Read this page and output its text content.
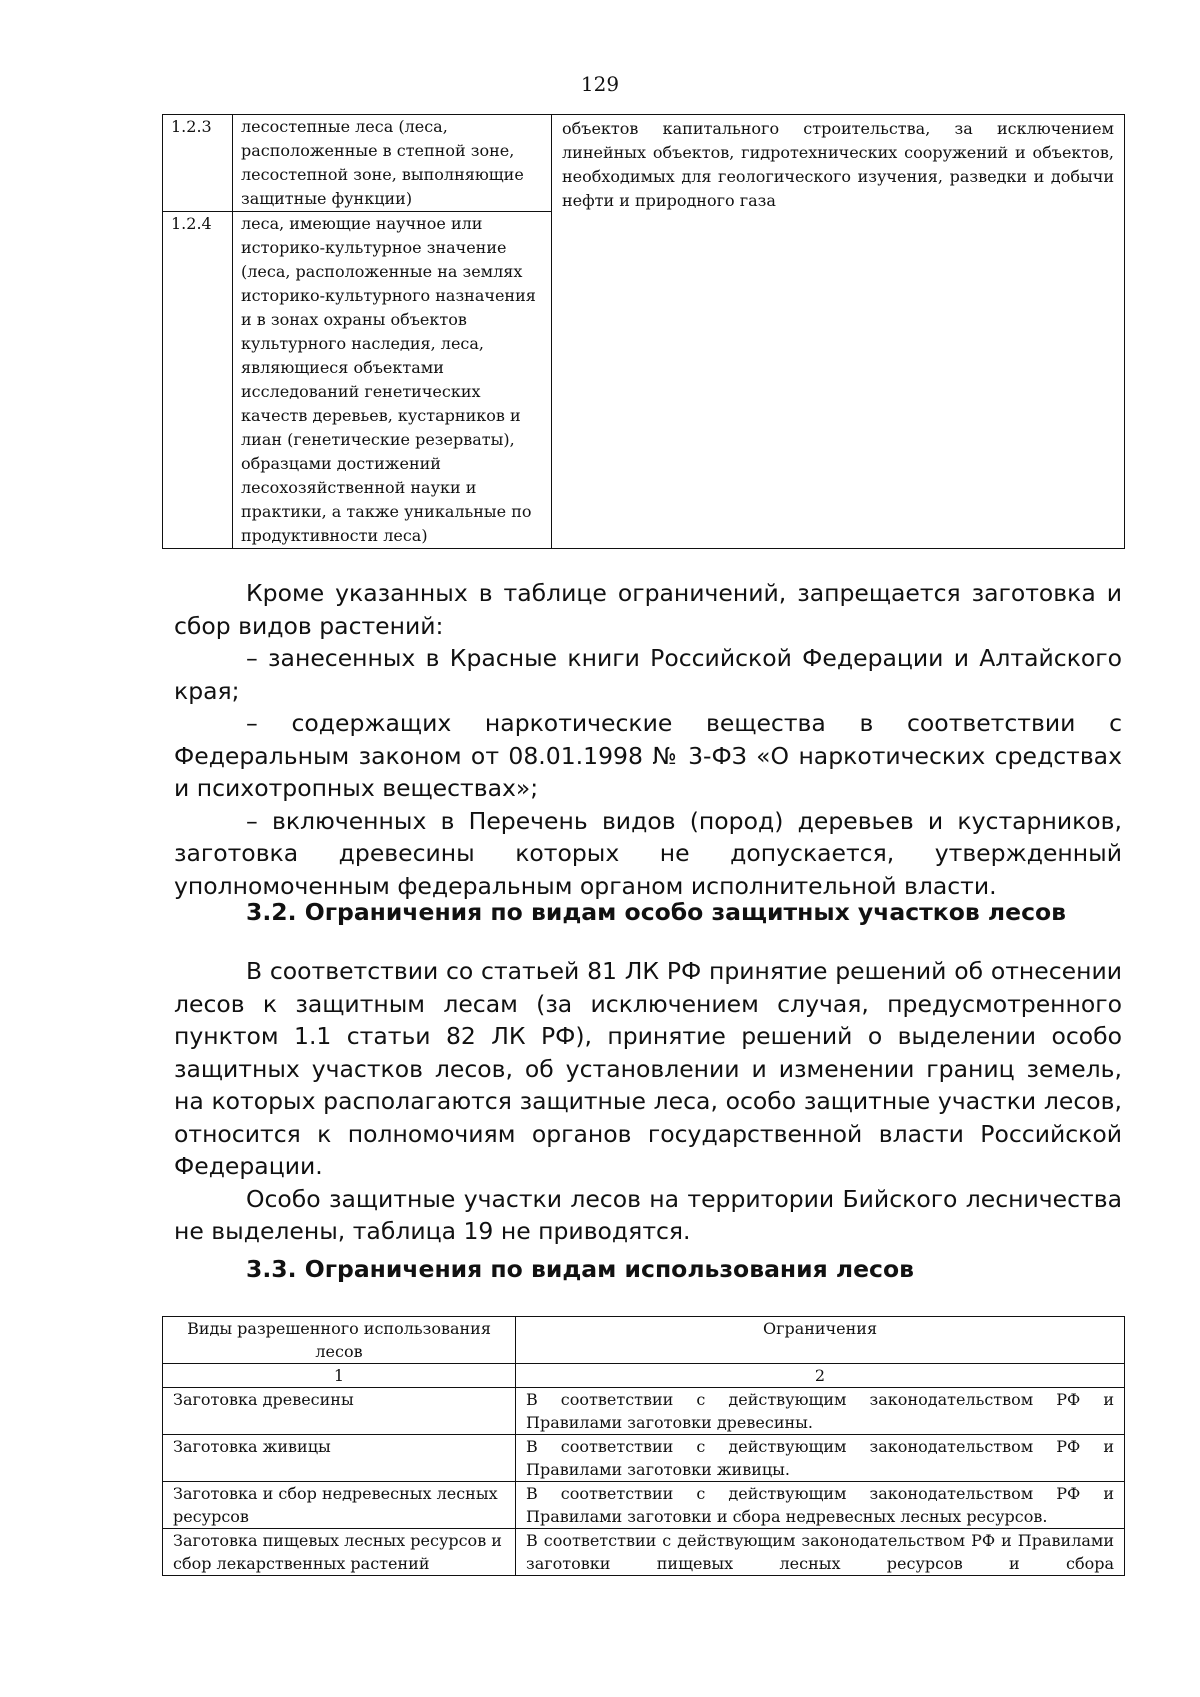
129
1.2.3	лесостепные леса (леса, расположенные в степной зоне, лесостепной зоне, выполняющие защитные функции)	объектов капитального строительства, за исключением линейных объектов, гидротехнических сооружений и объектов, необходимых для геологического изучения, разведки и добычи нефти и природного газа
1.2.4	леса, имеющие научное или историко-культурное значение (леса, расположенные на землях историко-культурного назначения и в зонах охраны объектов культурного наследия, леса, являющиеся объектами исследований генетических качеств деревьев, кустарников и лиан (генетические резерваты), образцами достижений лесохозяйственной науки и практики, а также уникальные по продуктивности леса)	

Кроме указанных в таблице ограничений, запрещается заготовка и сбор видов растений:

– занесенных в Красные книги Российской Федерации и Алтайского края;

– содержащих наркотические вещества в соответствии с Федеральным законом от 08.01.1998 № 3-ФЗ «О наркотических средствах и психотропных веществах»;

– включенных в Перечень видов (пород) деревьев и кустарников, заготовка древесины которых не допускается, утвержденный уполномоченным федеральным органом исполнительной власти.

3.2. Ограничения по видам особо защитных участков лесов

В соответствии со статьей 81 ЛК РФ принятие решений об отнесении лесов к защитным лесам (за исключением случая, предусмотренного пунктом 1.1 статьи 82 ЛК РФ), принятие решений о выделении особо защитных участков лесов, об установлении и изменении границ земель, на которых располагаются защитные леса, особо защитные участки лесов, относится к полномочиям органов государственной власти Российской Федерации.

Особо защитные участки лесов на территории Бийского лесничества не выделены, таблица 19 не приводятся.

3.3. Ограничения по видам использования лесов
Виды разрешенного использования лесов	Ограничения
1	2
Заготовка древесины	В соответствии с действующим законодательством РФ и
Правилами заготовки древесины.

Заготовка живицы	В соответствии с действующим законодательством РФ и
Правилами заготовки живицы.

Заготовка и сбор недревесных лесных ресурсов	В соответствии с действующим законодательством РФ и
Правилами заготовки и сбора недревесных лесных ресурсов.

Заготовка пищевых лесных ресурсов и сбор лекарственных растений	В соответствии с действующим законодательством РФ и Правилами заготовки пищевых лесных ресурсов и сбора
